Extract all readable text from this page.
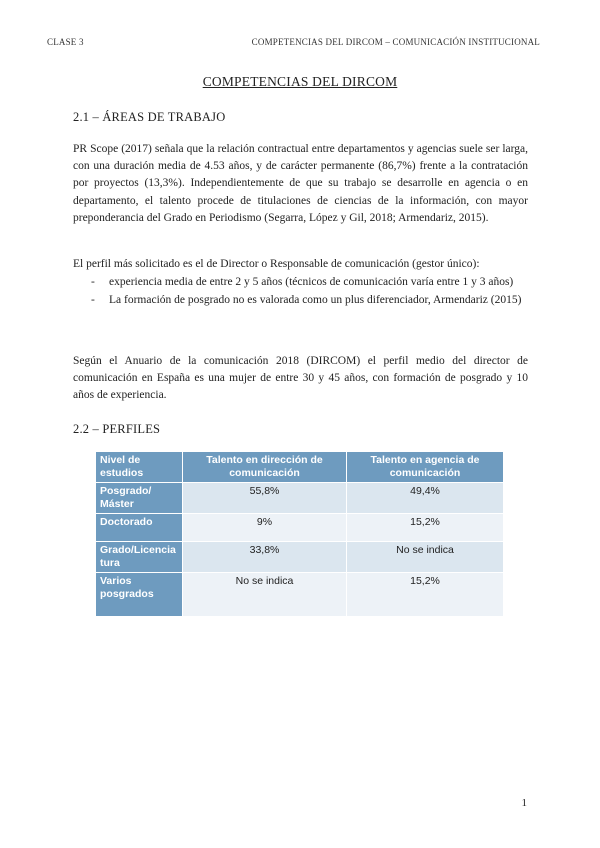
CLASE 3	COMPETENCIAS DEL DIRCOM – COMUNICACIÓN INSTITUCIONAL
COMPETENCIAS DEL DIRCOM
2.1 – ÁREAS DE TRABAJO

PR Scope (2017) señala que la relación contractual entre departamentos y agencias suele ser larga, con una duración media de 4.53 años, y de carácter permanente (86,7%) frente a la contratación por proyectos (13,3%). Independientemente de que su trabajo se desarrolle en agencia o en departamento, el talento procede de titulaciones de ciencias de la información, con mayor preponderancia del Grado en Periodismo (Segarra, López y Gil, 2018; Armendariz, 2015).

El perfil más solicitado es el de Director o Responsable de comunicación (gestor único):
- experiencia media de entre 2 y 5 años (técnicos de comunicación varía entre 1 y 3 años)
- La formación de posgrado no es valorada como un plus diferenciador, Armendariz (2015)

Según el Anuario de la comunicación 2018 (DIRCOM) el perfil medio del director de comunicación en España es una mujer de entre 30 y 45 años, con formación de posgrado y 10 años de experiencia.

2.2 – PERFILES
Nivel de estudios	Talento en dirección de comunicación	Talento en agencia de comunicación
Posgrado/ Máster	55,8%	49,4%
Doctorado	9%	15,2%
Grado/Licenciatura	33,8%	No se indica
Varios posgrados	No se indica	15,2%
1
